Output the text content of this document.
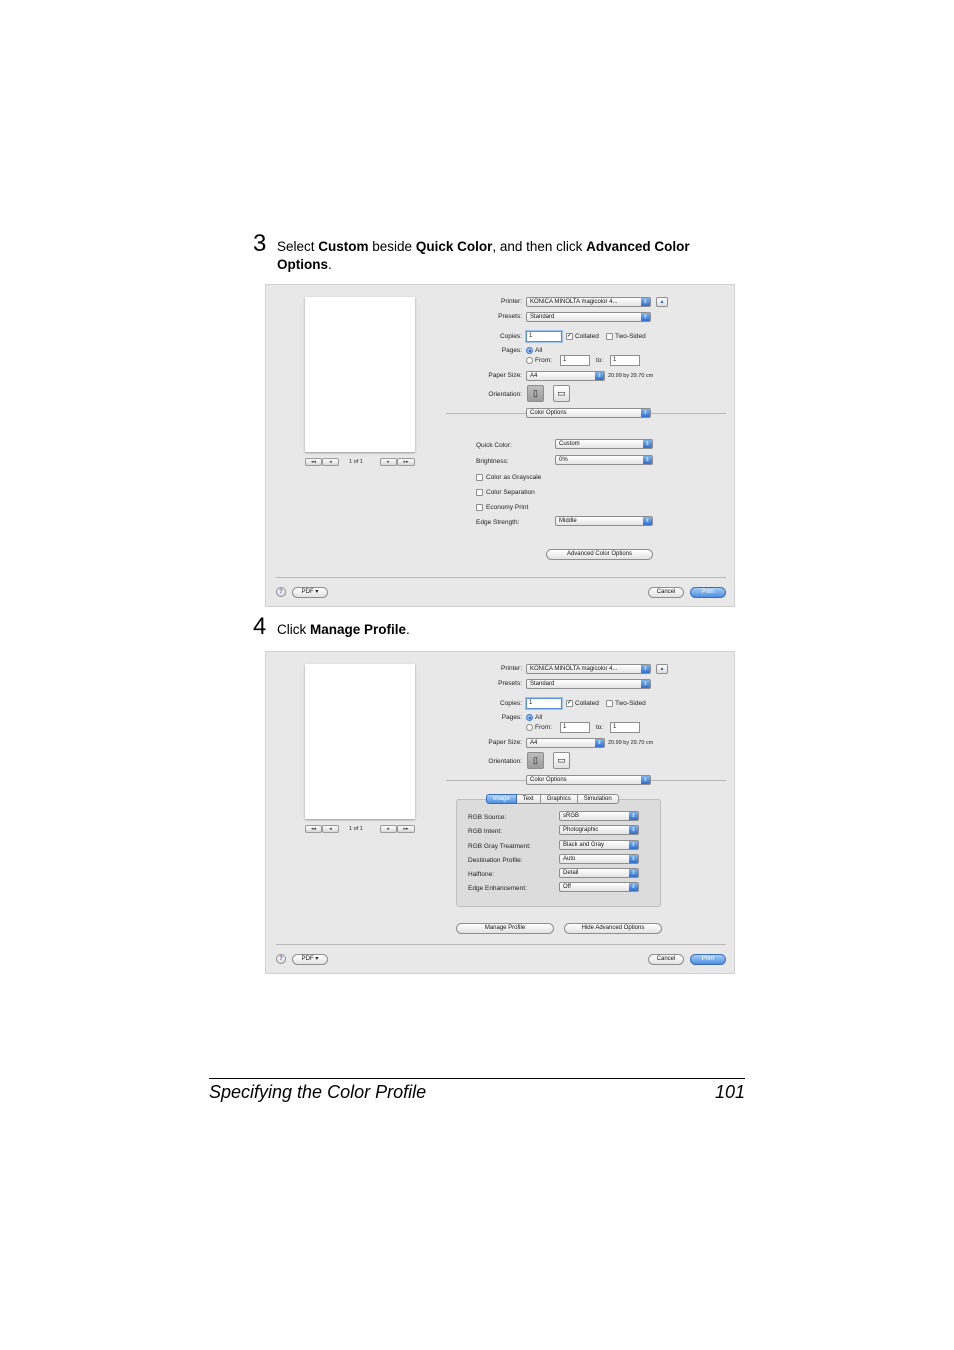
3 Select Custom beside Quick Color, and then click Advanced Color Options.
◂◂	◂	1 of 1	▸	▸▸
Printer:	KONICA MINOLTA magicolor 4...	⇕	▴
Presets:	Standard	⇕
Copies:	1	✓ Collated Two-Sided
Pages: All
From:	1	to:	1
Paper Size:	A4	⇕	20.99 by 29.70 cm
Orientation:	▯	▭
Color Options	⇕
Quick Color:	Custom	⇕
Brightness:	0%	⇕
Color as Grayscale
Color Separation
Economy Print
Edge Strength:	Middle	⇕
Advanced Color Options
?	PDF ▾	Cancel	Print
4 Click Manage Profile.
◂◂	◂	1 of 1	▸	▸▸
Printer:	KONICA MINOLTA magicolor 4...	⇕	▴
Presets:	Standard	⇕
Copies:	1	✓ Collated Two-Sided
Pages: All
From:	1	to:	1
Paper Size:	A4	⇕	20.99 by 29.70 cm
Orientation:	▯	▭
Color Options	⇕
Image	Text	Graphics	Simulation
RGB Source:	sRGB	⇕
RGB Intent:	Photographic	⇕
RGB Gray Treatment:	Black and Gray	⇕
Destination Profile:	Auto	⇕
Halftone:	Detail	⇕
Edge Enhancement:	Off	⇕
Manage Profile	Hide Advanced Options
?	PDF ▾	Cancel	Print
Specifying the Color Profile	101
